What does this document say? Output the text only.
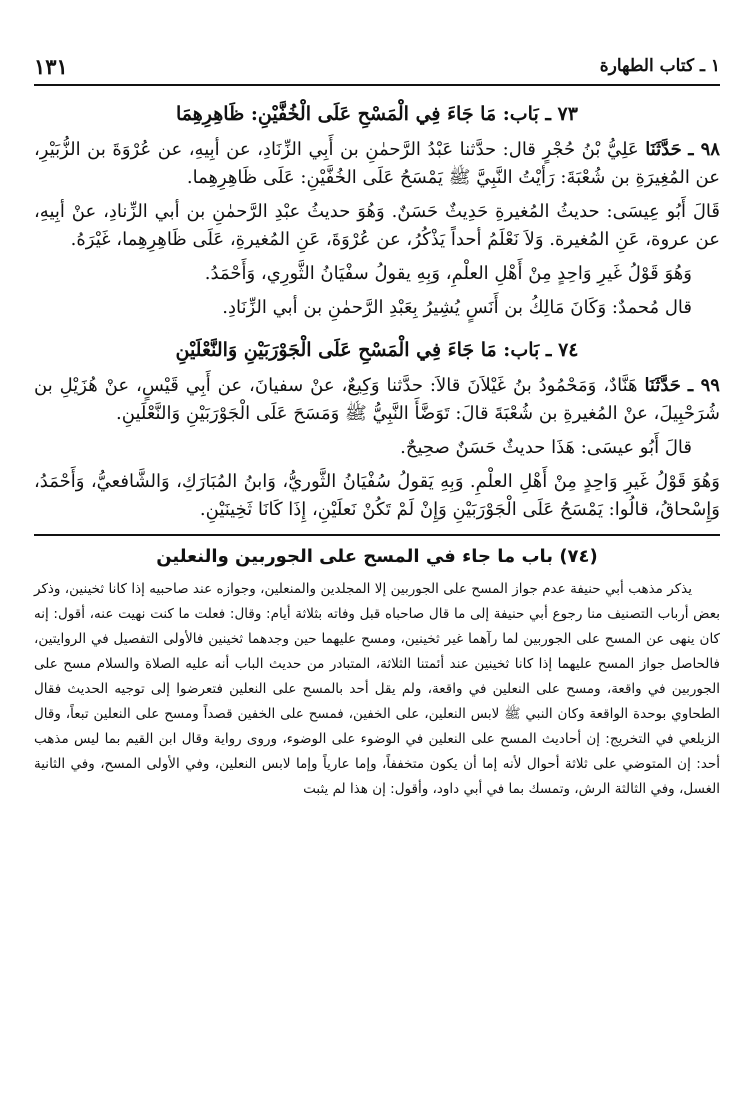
١ ـ كتاب الطهارة
١٣١
٧٣ ـ بَاب: مَا جَاءَ فِي الْمَسْحِ عَلَى الْخُفَّيْنِ: ظَاهِرِهِمَا

٩٨ ـ حَدَّثَنَا عَلِيُّ بْنُ حُجْرٍ قال: حدَّثنا عَبْدُ الرَّحمٰنِ بن أَبِي الزِّنَادِ، عن أبِيهِ، عن عُرْوَةَ بن الزُّبَيْرِ، عن المُغِيرَةِ بن شُعْبَةَ: رَأيْتُ النَّبِيَّ ﷺ يَمْسَحُ عَلَى الخُفَّيْنِ: عَلَى ظَاهِرِهِما.

قَالَ أَبُو عِيسَى: حديثُ المُغيرةِ حَدِيثٌ حَسَنٌ. وَهُوَ حديثُ عبْدِ الرَّحمٰنِ بن أبي الزِّنادِ، عنْ أبِيهِ، عن عروة، عَنِ المُغيرة. وَلاَ نَعْلَمُ أحداً يَذْكُرُ، عن عُرْوَةَ، عَنِ المُغيرةِ، عَلَى ظَاهِرِهِما، غَيْرَهُ.

وَهُوَ قَوْلُ غَيرِ وَاحِدٍ مِنْ أَهْلِ العلْمِ، وَبِهِ يقولُ سفْيَانُ الثَّورِي، وَأَحْمَدُ.

قال مُحمدٌ: وَكَانَ مَالِكُ بن أَنَسٍ يُشِيرُ بِعَبْدِ الرَّحمٰنِ بن أبي الزِّنَادِ.

٧٤ ـ بَاب: مَا جَاءَ فِي الْمَسْحِ عَلَى الْجَوْرَبَيْنِ وَالنَّعْلَيْنِ

٩٩ ـ حَدَّثَنَا هَنَّادٌ، وَمَحْمُودُ بنُ غَيْلاَنَ قالاَ: حدَّثنا وَكِيعٌ، عنْ سفيانَ، عن أَبِي قَيْسٍ، عنْ هُزَيْلِ بن شُرَحْبِيلَ، عنْ المُغيرةِ بن شُعْبَةَ قالَ: تَوَضَّأَ النَّبِيُّ ﷺ وَمَسَحَ عَلَى الْجَوْرَبَيْنِ وَالنَّعْلَينِ.

قالَ أَبُو عيسَى: هَذَا حديثٌ حَسَنٌ صحِيحٌ.

وَهُوَ قَوْلُ غَيرِ وَاحِدٍ مِنْ أَهْلِ العلْمِ. وَبِهِ يَقولُ سُفْيَانُ الثَّوريُّ، وَابنُ المُبَارَكِ، وَالشَّافعيُّ، وَأَحْمَدُ، وَإِسْحاقُ، قالُوا: يَمْسَحُ عَلَى الْجَوْرَبَيْنِ وَإِنْ لَمْ تَكُنْ نَعلَيْنِ، إِذَا كَانَا ثَخِينَيْنِ.

(٧٤) باب ما جاء في المسح على الجوربين والنعلين

يذكر مذهب أبي حنيفة عدم جواز المسح على الجوربين إلا المجلدين والمنعلين، وجوازه عند صاحبيه إذا كانا ثخينين، وذكر بعض أرباب التصنيف منا رجوع أبي حنيفة إلى ما قال صاحباه قبل وفاته بثلاثة أيام: وقال: فعلت ما كنت نهيت عنه، أقول: إنه كان ينهى عن المسح على الجوربين لما رآهما غير ثخينين، ومسح عليهما حين وجدهما ثخينين فالأولى التفصيل في الروايتين، فالحاصل جواز المسح عليهما إذا كانا ثخينين عند أئمتنا الثلاثة، المتبادر من حديث الباب أنه عليه الصلاة والسلام مسح على الجوربين في واقعة، ومسح على النعلين في واقعة، ولم يقل أحد بالمسح على النعلين فتعرضوا إلى توجيه الحديث فقال الطحاوي بوحدة الواقعة وكان النبي ﷺ لابس النعلين، على الخفين، فمسح على الخفين قصداً ومسح على النعلين تبعاً، وقال الزيلعي في التخريج: إن أحاديث المسح على النعلين في الوضوء على الوضوء، وروى رواية وقال ابن القيم بما ليس مذهب أحد: إن المتوضي على ثلاثة أحوال لأنه إما أن يكون متخففاً، وإما عارياً وإما لابس النعلين، وفي الأولى المسح، وفي الثانية الغسل، وفي الثالثة الرش، وتمسك بما في أبي داود، وأقول: إن هذا لم يثبت
